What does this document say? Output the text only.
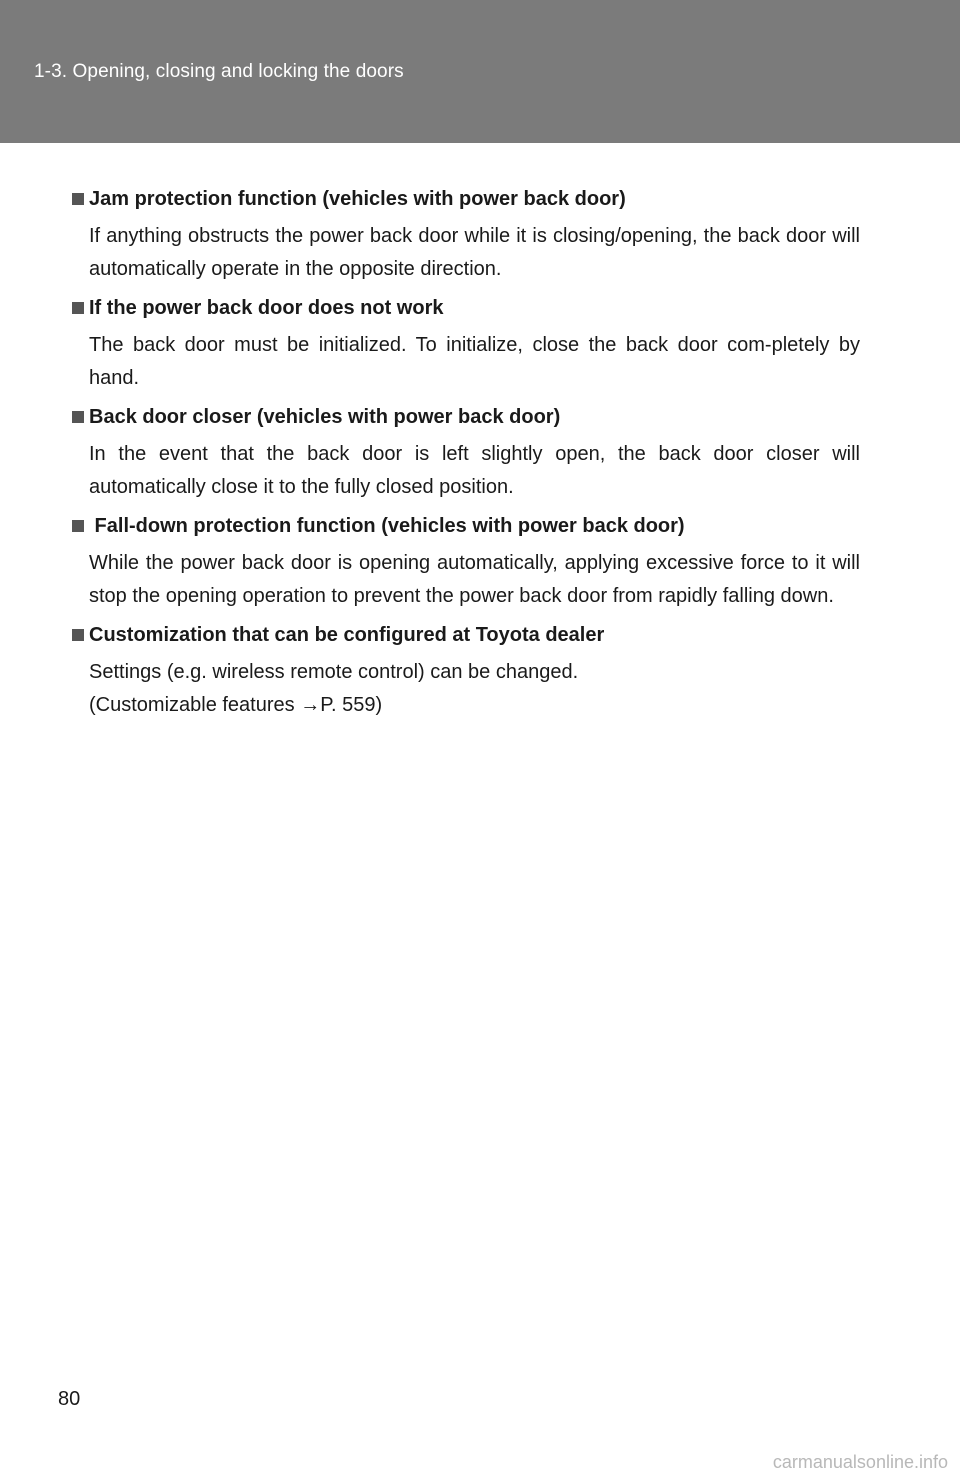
1-3. Opening, closing and locking the doors
Jam protection function (vehicles with power back door)
If anything obstructs the power back door while it is closing/opening, the back door will automatically operate in the opposite direction.
If the power back door does not work
The back door must be initialized. To initialize, close the back door com-pletely by hand.
Back door closer (vehicles with power back door)
In the event that the back door is left slightly open, the back door closer will automatically close it to the fully closed position.
Fall-down protection function (vehicles with power back door)
While the power back door is opening automatically, applying excessive force to it will stop the opening operation to prevent the power back door from rapidly falling down.
Customization that can be configured at Toyota dealer
Settings (e.g. wireless remote control) can be changed.
(Customizable features →P. 559)
80
carmanualsonline.info
